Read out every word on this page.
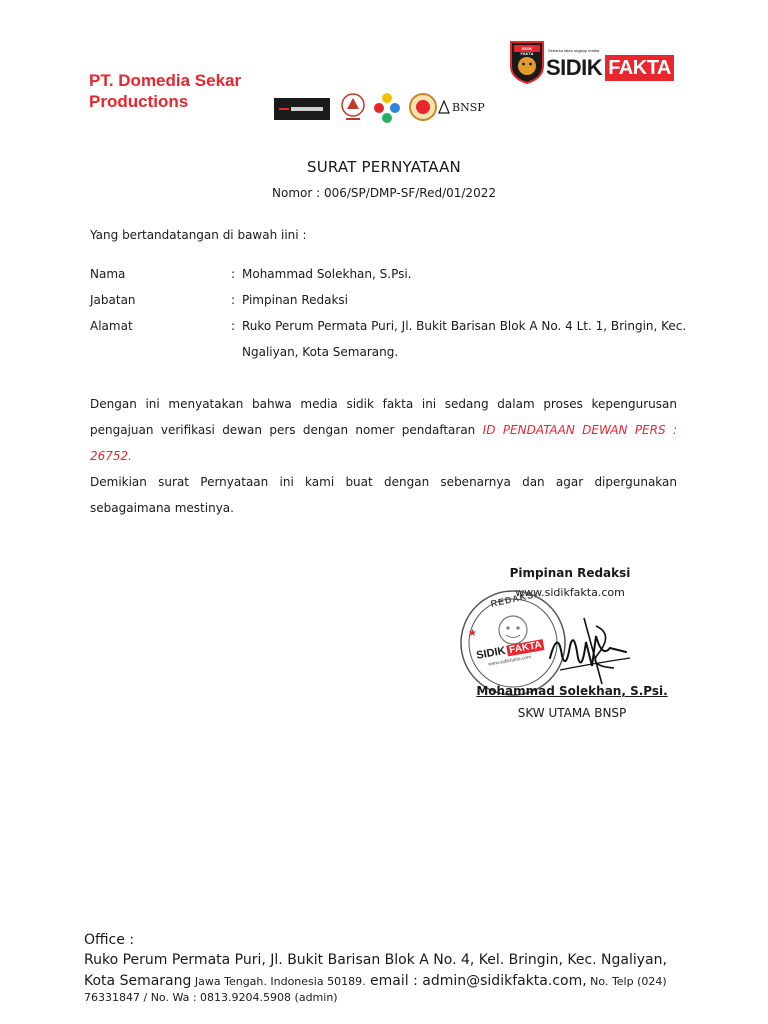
PT. Domedia Sekar
Productions	BNSP
SIDIK FAKTA
Sebarka fakta ungkap realita
SIDIK FAKTA
SURAT PERNYATAAN
Nomor : 006/SP/DMP-SF/Red/01/2022
Yang bertandatangan di bawah iini :
Nama	: Mohammad Solekhan, S.Psi.
Jabatan	: Pimpinan Redaksi
Alamat	: Ruko Perum Permata Puri, Jl. Bukit Barisan Blok A No. 4 Lt. 1, Bringin, Kec.
Ngaliyan, Kota Semarang.
Dengan ini menyatakan bahwa media sidik fakta ini sedang dalam proses kepengurusan pengajuan verifikasi dewan pers dengan nomer pendaftaran ID PENDATAAN DEWAN PERS : 26752.
Demikian surat Pernyataan ini kami buat dengan sebenarnya dan agar dipergunakan sebagaimana mestinya.
Pimpinan Redaksi
www.sidikfakta.com
★
REDAKSI
SIDIK FAKTA
www.sidikfakta.com
Mohammad Solekhan, S.Psi.
SKW UTAMA BNSP
Office :
Ruko Perum Permata Puri, Jl. Bukit Barisan Blok A No. 4, Kel. Bringin, Kec. Ngaliyan,
Kota Semarang Jawa Tengah. Indonesia 50189. email : admin@sidikfakta.com, No. Telp (024)
76331847 / No. Wa : 0813.9204.5908 (admin)
